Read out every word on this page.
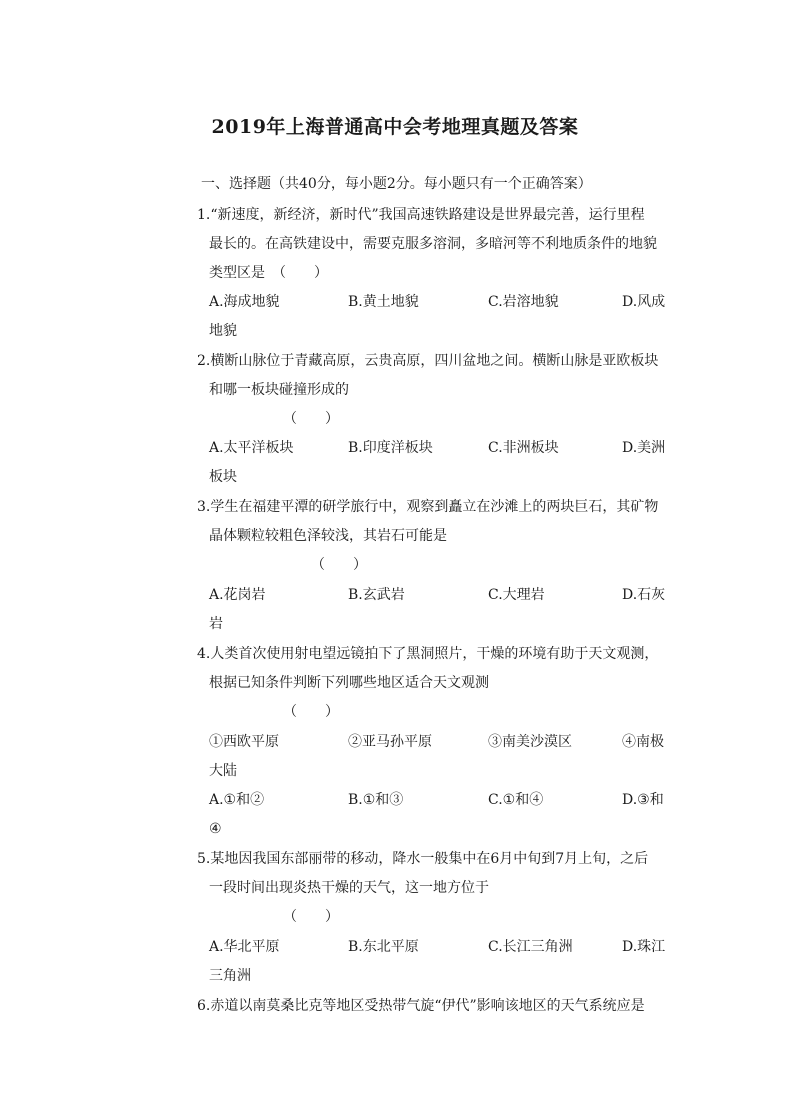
2019年上海普通高中会考地理真题及答案
一、选择题（共40分，每小题2分。每小题只有一个正确答案）
1.“新速度，新经济，新时代”我国高速铁路建设是世界最完善，运行里程
最长的。在高铁建设中，需要克服多溶洞，多暗河等不利地质条件的地貌
类型区是　（　　）
A.海成地貌	B.黄土地貌	C.岩溶地貌	D.风成
地貌
2.横断山脉位于青藏高原，云贵高原，四川盆地之间。横断山脉是亚欧板块
和哪一板块碰撞形成的
（　　）
A.太平洋板块	B.印度洋板块	C.非洲板块	D.美洲
板块
3.学生在福建平潭的研学旅行中，观察到矗立在沙滩上的两块巨石，其矿物
晶体颗粒较粗色泽较浅，其岩石可能是
（　　）
A.花岗岩	B.玄武岩	C.大理岩	D.石灰
岩
4.人类首次使用射电望远镜拍下了黑洞照片，干燥的环境有助于天文观测，
根据已知条件判断下列哪些地区适合天文观测
（　　）
①西欧平原	②亚马孙平原	③南美沙漠区	④南极
大陆
A.①和②	B.①和③	C.①和④	D.③和
④
5.某地因我国东部丽带的移动，降水一般集中在6月中旬到7月上旬，之后
一段时间出现炎热干燥的天气，这一地方位于
（　　）
A.华北平原	B.东北平原	C.长江三角洲	D.珠江
三角洲
6.赤道以南莫桑比克等地区受热带气旋“伊代”影响该地区的天气系统应是
